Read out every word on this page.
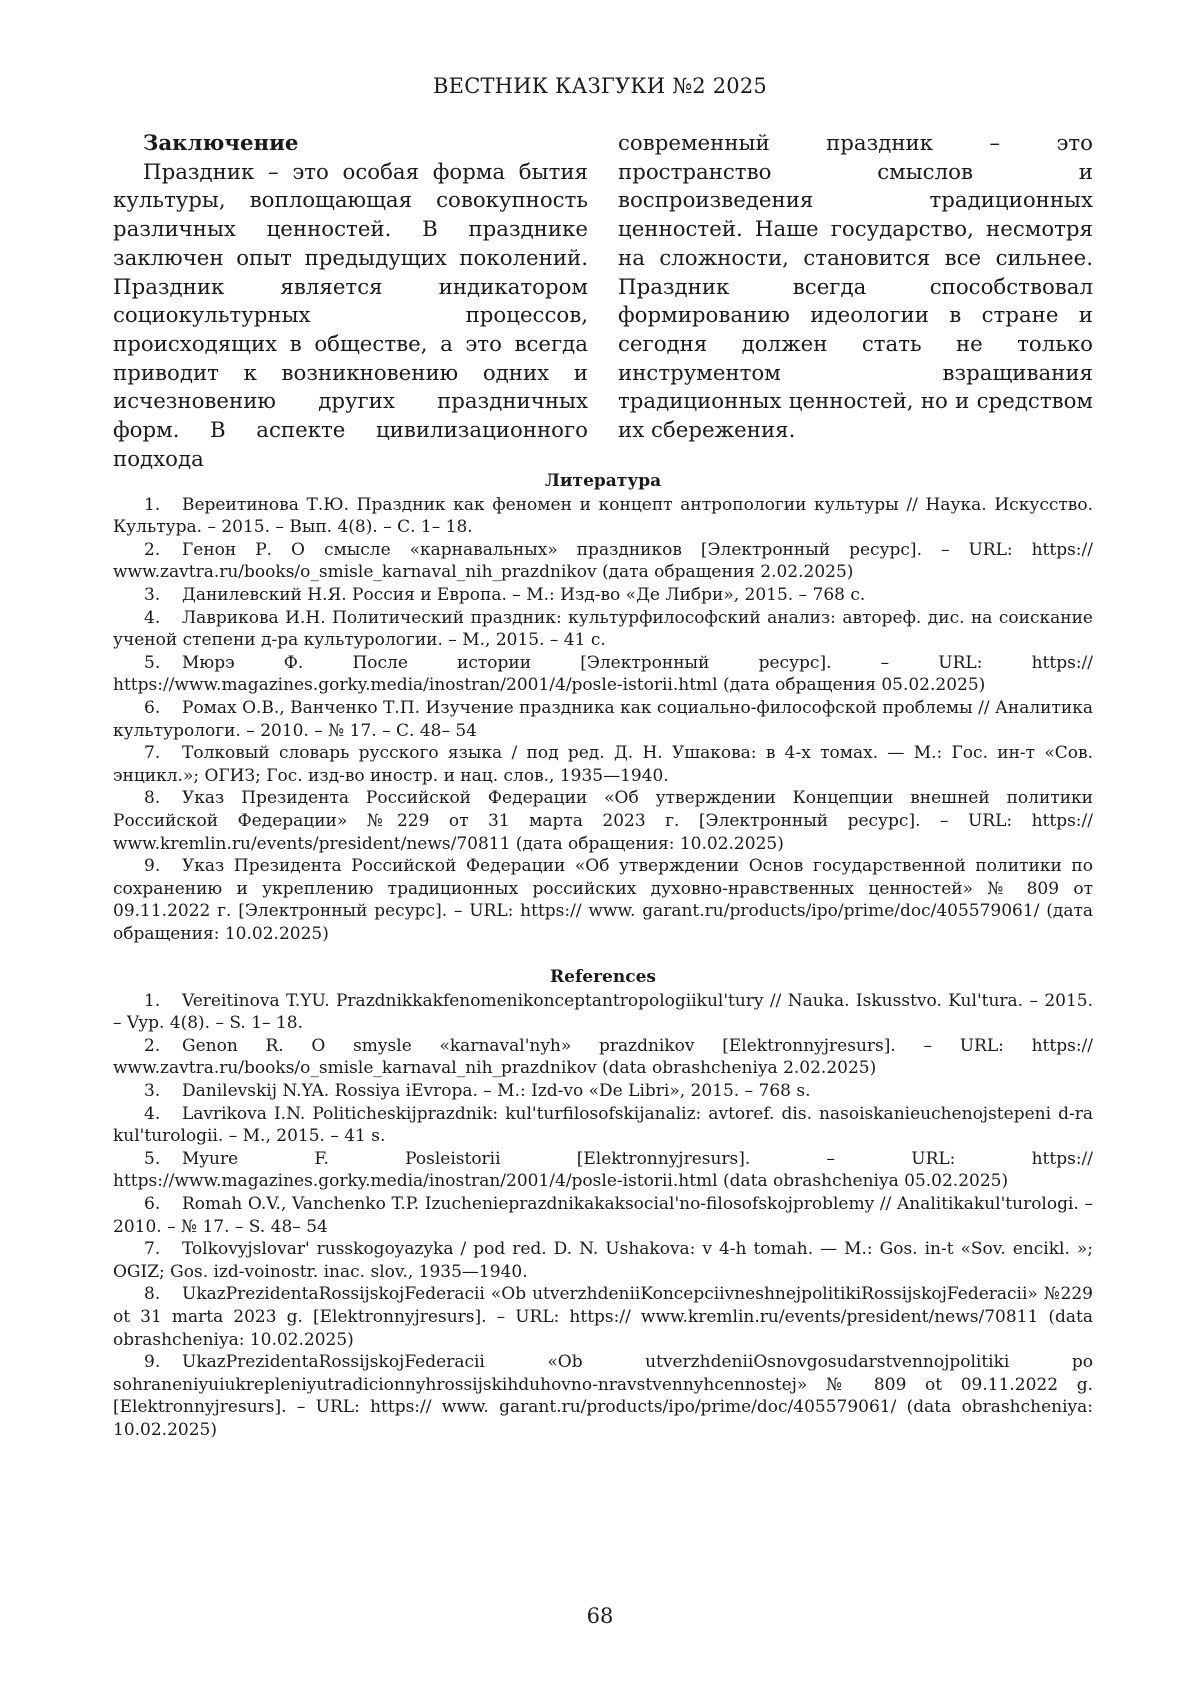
ВЕСТНИК КАЗГУКИ №2 2025

Заключение

Праздник – это особая форма бытия культуры, воплощающая совокупность различных ценностей. В празднике заключен опыт предыдущих поколений. Праздник является индикатором социокультурных процессов, происходящих в обществе, а это всегда приводит к возникновению одних и исчезновению других праздничных форм. В аспекте цивилизационного подхода

современный праздник – это пространство смыслов и воспроизведения традиционных ценностей. Наше государство, несмотря на сложности, становится все сильнее. Праздник всегда способствовал формированию идеологии в стране и сегодня должен стать не только инструментом взращивания традиционных ценностей, но и средством их сбережения.

Литература
1. Вереитинова Т.Ю. Праздник как феномен и концепт антропологии культуры // Наука. Искусство. Культура. – 2015. – Вып. 4(8). – С. 1– 18.
2. Генон Р. О смысле «карнавальных» праздников [Электронный ресурс]. – URL: https:// www.zavtra.ru/books/o_smisle_karnaval_nih_prazdnikov (дата обращения 2.02.2025)
3. Данилевский Н.Я. Россия и Европа. – М.: Изд-во «Де Либри», 2015. – 768 с.
4. Лаврикова И.Н. Политический праздник: культурфилософский анализ: автореф. дис. на соискание ученой степени д-ра культурологии. – М., 2015. – 41 с.
5. Мюрэ Ф. После истории [Электронный ресурс]. – URL: https:// https://www.magazines.gorky.media/inostran/2001/4/posle-istorii.html (дата обращения 05.02.2025)
6. Ромах О.В., Ванченко Т.П. Изучение праздника как социально-философской проблемы // Аналитика культурологи. – 2010. – № 17. – С. 48– 54
7. Толковый словарь русского языка / под ред. Д. Н. Ушакова: в 4-х томах. — М.: Гос. ин-т «Сов. энцикл.»; ОГИЗ; Гос. изд-во иностр. и нац. слов., 1935—1940.
8. Указ Президента Российской Федерации «Об утверждении Концепции внешней политики Российской Федерации» №229 от 31 марта 2023 г. [Электронный ресурс]. – URL: https:// www.kremlin.ru/events/president/news/70811 (дата обращения: 10.02.2025)
9. Указ Президента Российской Федерации «Об утверждении Основ государственной политики по сохранению и укреплению традиционных российских духовно-нравственных ценностей» № 809 от 09.11.2022 г. [Электронный ресурс]. – URL: https:// www. garant.ru/products/ipo/prime/doc/405579061/ (дата обращения: 10.02.2025)
References
1. Vereitinova T.YU. Prazdnikkakfenomenikonceptantropologiikul'tury // Nauka. Iskusstvo. Kul'tura. – 2015. – Vyp. 4(8). – S. 1– 18.
2. Genon R. O smysle «karnaval'nyh» prazdnikov [Elektronnyjresurs]. – URL: https:// www.zavtra.ru/books/o_smisle_karnaval_nih_prazdnikov (data obrashcheniya 2.02.2025)
3. Danilevskij N.YA. Rossiya iEvropa. – M.: Izd-vo «De Libri», 2015. – 768 s.
4. Lavrikova I.N. Politicheskijprazdnik: kul'turfilosofskijanaliz: avtoref. dis. nasoiskanieuchenojstepeni d-ra kul'turologii. – M., 2015. – 41 s.
5. Myure F. Posleistorii [Elektronnyjresurs]. – URL: https:// https://www.magazines.gorky.media/inostran/2001/4/posle-istorii.html (data obrashcheniya 05.02.2025)
6. Romah O.V., Vanchenko T.P. Izuchenieprazdnikakaksocial'no-filosofskojproblemy // Analitikakul'turologi. – 2010. – № 17. – S. 48– 54
7. Tolkovyjslovar' russkogoyazyka / pod red. D. N. Ushakova: v 4-h tomah. — M.: Gos. in-t «Sov. encikl. »; OGIZ; Gos. izd-voinostr. inac. slov., 1935—1940.
8. UkazPrezidentaRossijskojFederacii «Ob utverzhdeniiKoncepciivneshnejpolitikiRossijskojFederacii» №229 ot 31 marta 2023 g. [Elektronnyjresurs]. – URL: https:// www.kremlin.ru/events/president/news/70811 (data obrashcheniya: 10.02.2025)
9. UkazPrezidentaRossijskojFederacii «Ob utverzhdeniiOsnovgosudarstvennojpolitiki po sohraneniyuiukrepleniyutradicionnyhrossijskihduhovno-nravstvennyhcennostej» № 809 ot 09.11.2022 g. [Elektronnyjresurs]. – URL: https:// www. garant.ru/products/ipo/prime/doc/405579061/ (data obrashcheniya: 10.02.2025)
68
